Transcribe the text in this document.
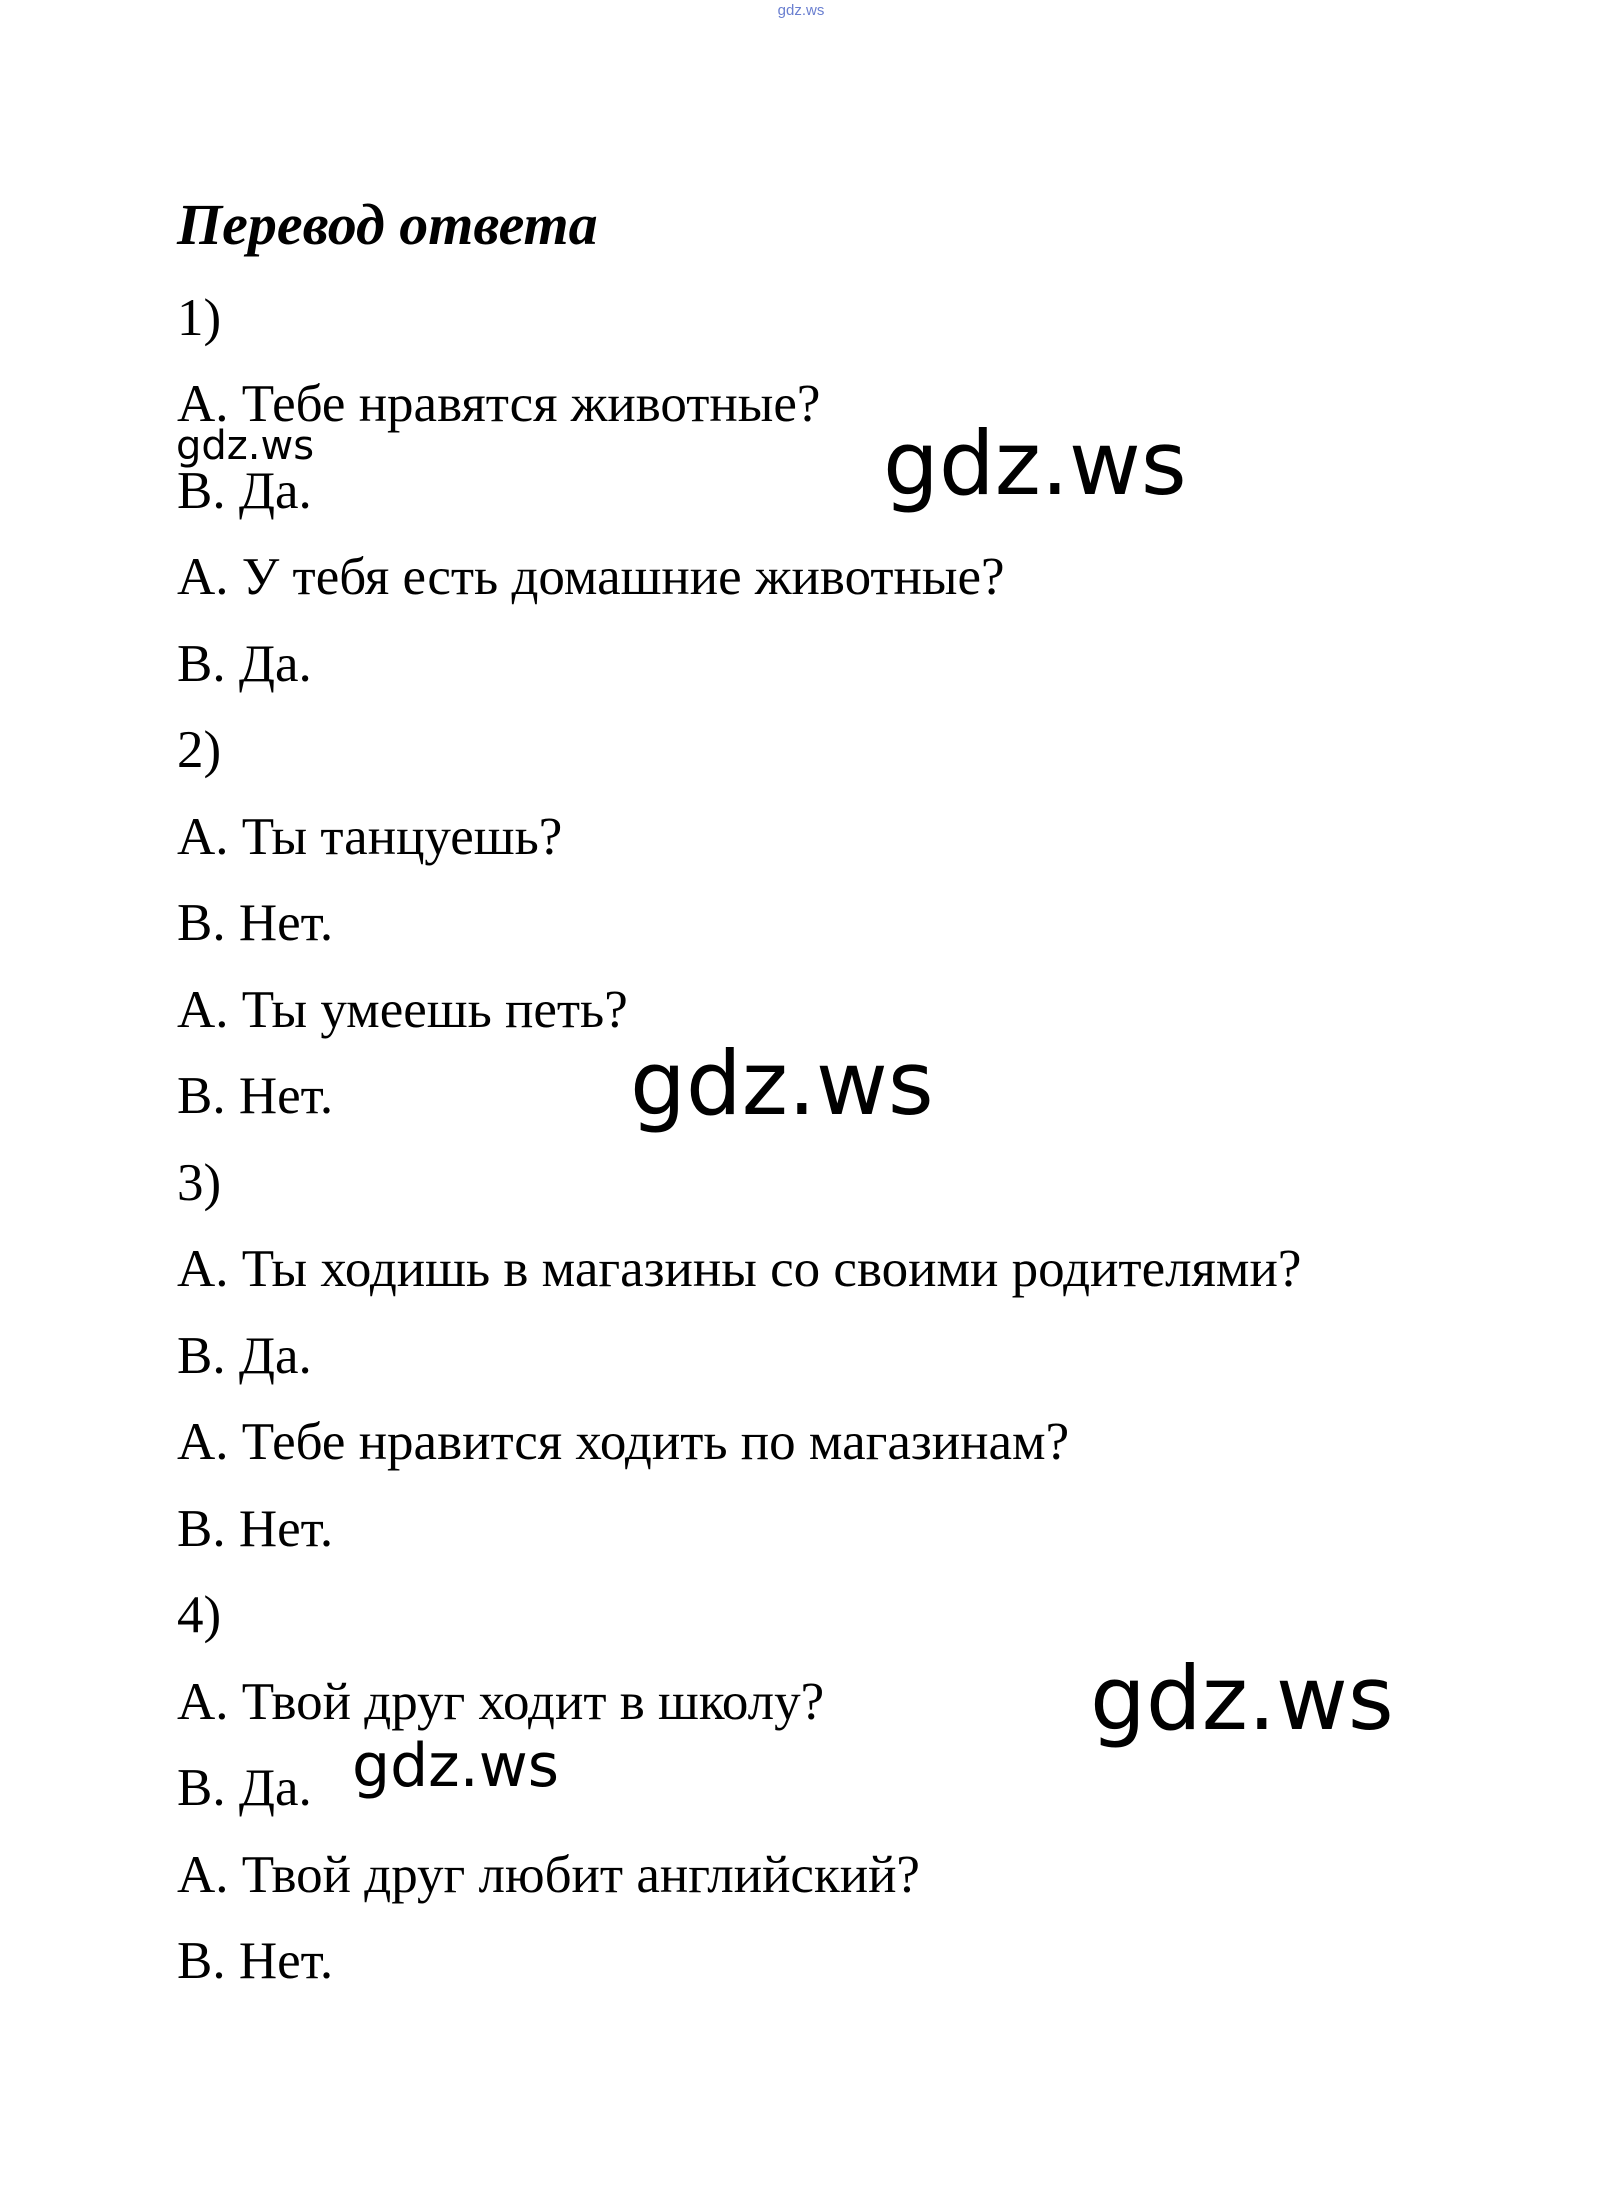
gdz.ws
Перевод ответа
1)
A. Тебе нравятся животные?
B. Да.
A. У тебя есть домашние животные?
B. Да.
2)
A. Ты танцуешь?
B. Нет.
A. Ты умеешь петь?
B. Нет.
3)
A. Ты ходишь в магазины со своими родителями?
B. Да.
A. Тебе нравится ходить по магазинам?
B. Нет.
4)
A. Твой друг ходит в школу?
B. Да.
A. Твой друг любит английский?
B. Нет.
gdz.ws	gdz.ws
gdz.ws
gdz.ws
gdz.ws
